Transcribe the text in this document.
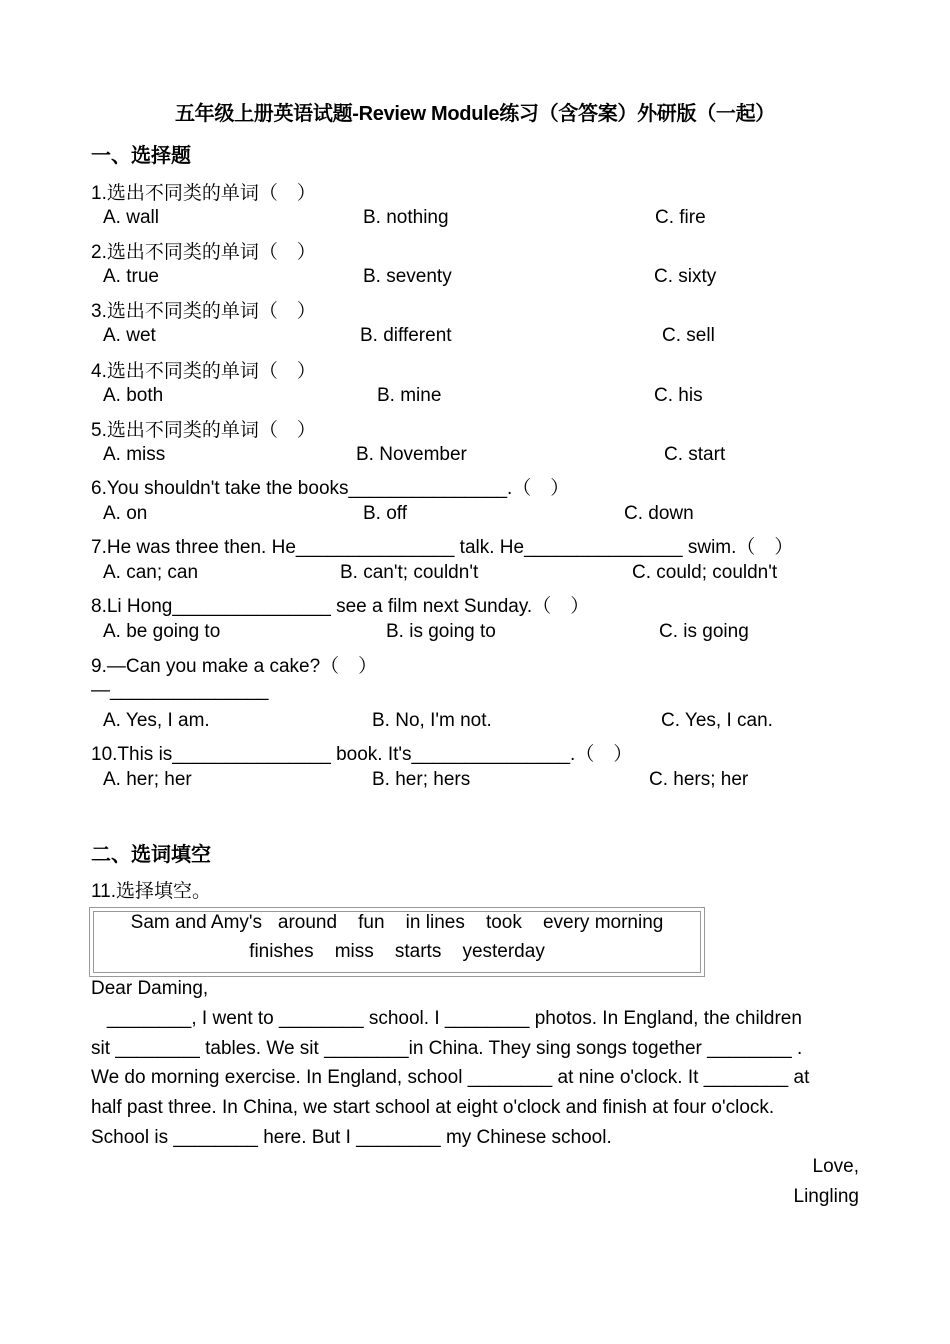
五年级上册英语试题-Review Module练习（含答案）外研版（一起）
一、选择题
1.选出不同类的单词（　）
A. wall	B. nothing	C. fire
2.选出不同类的单词（　）
A. true	B. seventy	C. sixty
3.选出不同类的单词（　）
A. wet	B. different	C. sell
4.选出不同类的单词（　）
A. both	B. mine	C. his
5.选出不同类的单词（　）
A. miss	B. November	C. start
6.You shouldn't take the books_______________.（　）
A. on	B. off	C. down
7.He was three then. He_______________ talk. He_______________ swim.（　）
A. can; can	B. can't; couldn't	C. could; couldn't
8.Li Hong_______________ see a film next Sunday.（　）
A. be going to	B. is going to	C. is going
9.—Can you make a cake?（　）
—_______________
A. Yes, I am.	B. No, I'm not.	C. Yes, I can.
10.This is_______________ book. It's_______________.（　）
A. her; her	B. her; hers	C. hers; her
二、选词填空
11.选择填空。
Sam and Amy's   around    fun    in lines    took    every morning
finishes    miss    starts    yesterday
Dear Daming,
________, I went to ________ school. I ________ photos. In England, the children
sit ________ tables. We sit ________in China. They sing songs together ________ .
We do morning exercise. In England, school ________ at nine o'clock. It ________ at
half past three. In China, we start school at eight o'clock and finish at four o'clock.
School is ________ here. But I ________ my Chinese school.
Love,
Lingling
